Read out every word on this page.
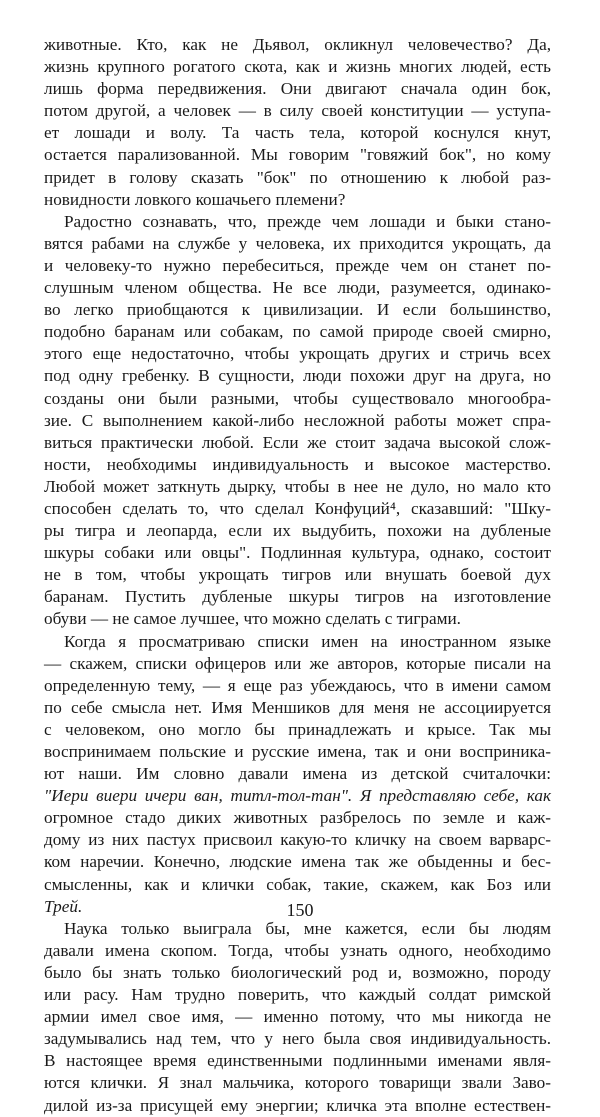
животные. Кто, как не Дьявол, окликнул человечество? Да,
жизнь крупного рогатого скота, как и жизнь многих людей, есть
лишь форма передвижения. Они двигают сначала один бок,
потом другой, а человек — в силу своей конституции — уступа-
ет лошади и волу. Та часть тела, которой коснулся кнут,
остается парализованной. Мы говорим "говяжий бок", но кому
придет в голову сказать "бок" по отношению к любой раз-
новидности ловкого кошачьего племени?

Радостно сознавать, что, прежде чем лошади и быки стано-
вятся рабами на службе у человека, их приходится укрощать, да
и человеку-то нужно перебеситься, прежде чем он станет по-
слушным членом общества. Не все люди, разумеется, одинако-
во легко приобщаются к цивилизации. И если большинство,
подобно баранам или собакам, по самой природе своей смирно,
этого еще недостаточно, чтобы укрощать других и стричь всех
под одну гребенку. В сущности, люди похожи друг на друга, но
созданы они были разными, чтобы существовало многообра-
зие. С выполнением какой-либо несложной работы может спра-
виться практически любой. Если же стоит задача высокой слож-
ности, необходимы индивидуальность и высокое мастерство.
Любой может заткнуть дырку, чтобы в нее не дуло, но мало кто
способен сделать то, что сделал Конфуций⁴, сказавший: "Шку-
ры тигра и леопарда, если их выдубить, похожи на дубленые
шкуры собаки или овцы". Подлинная культура, однако, состоит
не в том, чтобы укрощать тигров или внушать боевой дух
баранам. Пустить дубленые шкуры тигров на изготовление
обуви — не самое лучшее, что можно сделать с тиграми.

Когда я просматриваю списки имен на иностранном языке
— скажем, списки офицеров или же авторов, которые писали на
определенную тему, — я еще раз убеждаюсь, что в имени самом
по себе смысла нет. Имя Меншиков для меня не ассоциируется
с человеком, оно могло бы принадлежать и крысе. Так мы
воспринимаем польские и русские имена, так и они восприника-
ют наши. Им словно давали имена из детской считалочки:
"Иери виери ичери ван, титл-тол-тан". Я представляю себе, как
огромное стадо диких животных разбрелось по земле и каж-
дому из них пастух присвоил какую-то кличку на своем варварс-
ком наречии. Конечно, людские имена так же обыденны и бес-
смысленны, как и клички собак, такие, скажем, как Боз или
Трей.

Наука только выиграла бы, мне кажется, если бы людям
давали имена скопом. Тогда, чтобы узнать одного, необходимо
было бы знать только биологический род и, возможно, породу
или расу. Нам трудно поверить, что каждый солдат римской
армии имел свое имя, — именно потому, что мы никогда не
задумывались над тем, что у него была своя индивидуальность.
В настоящее время единственными подлинными именами явля-
ются клички. Я знал мальчика, которого товарищи звали Заво-
дилой из-за присущей ему энергии; кличка эта вполне естествен-

150
